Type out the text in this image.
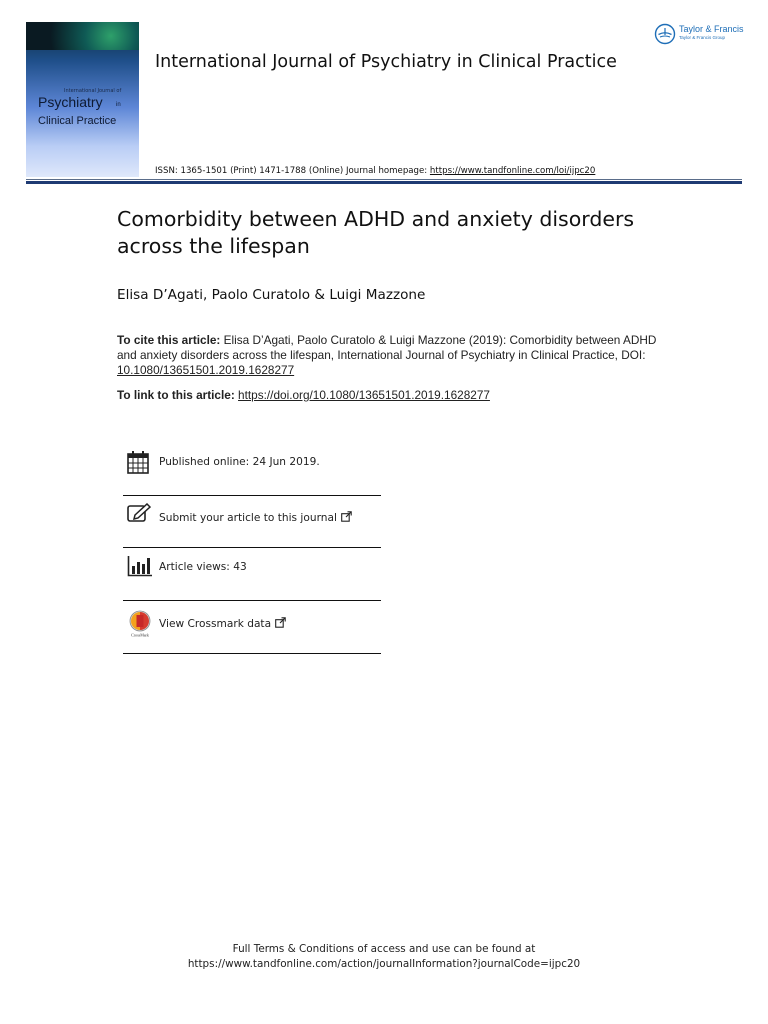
International Journal of
Psychiatry in
Clinical Practice
International Journal of Psychiatry in Clinical Practice
Taylor & Francis
Taylor & Francis Group
ISSN: 1365-1501 (Print) 1471-1788 (Online) Journal homepage: https://www.tandfonline.com/loi/ijpc20
Comorbidity between ADHD and anxiety disorders across the lifespan
Elisa D’Agati, Paolo Curatolo & Luigi Mazzone
To cite this article: Elisa D’Agati, Paolo Curatolo & Luigi Mazzone (2019): Comorbidity between ADHD and anxiety disorders across the lifespan, International Journal of Psychiatry in Clinical Practice, DOI: 10.1080/13651501.2019.1628277
To link to this article: https://doi.org/10.1080/13651501.2019.1628277
Published online: 24 Jun 2019.
Submit your article to this journal
Article views: 43
CrossMark
View Crossmark data
Full Terms & Conditions of access and use can be found at
https://www.tandfonline.com/action/journalInformation?journalCode=ijpc20
